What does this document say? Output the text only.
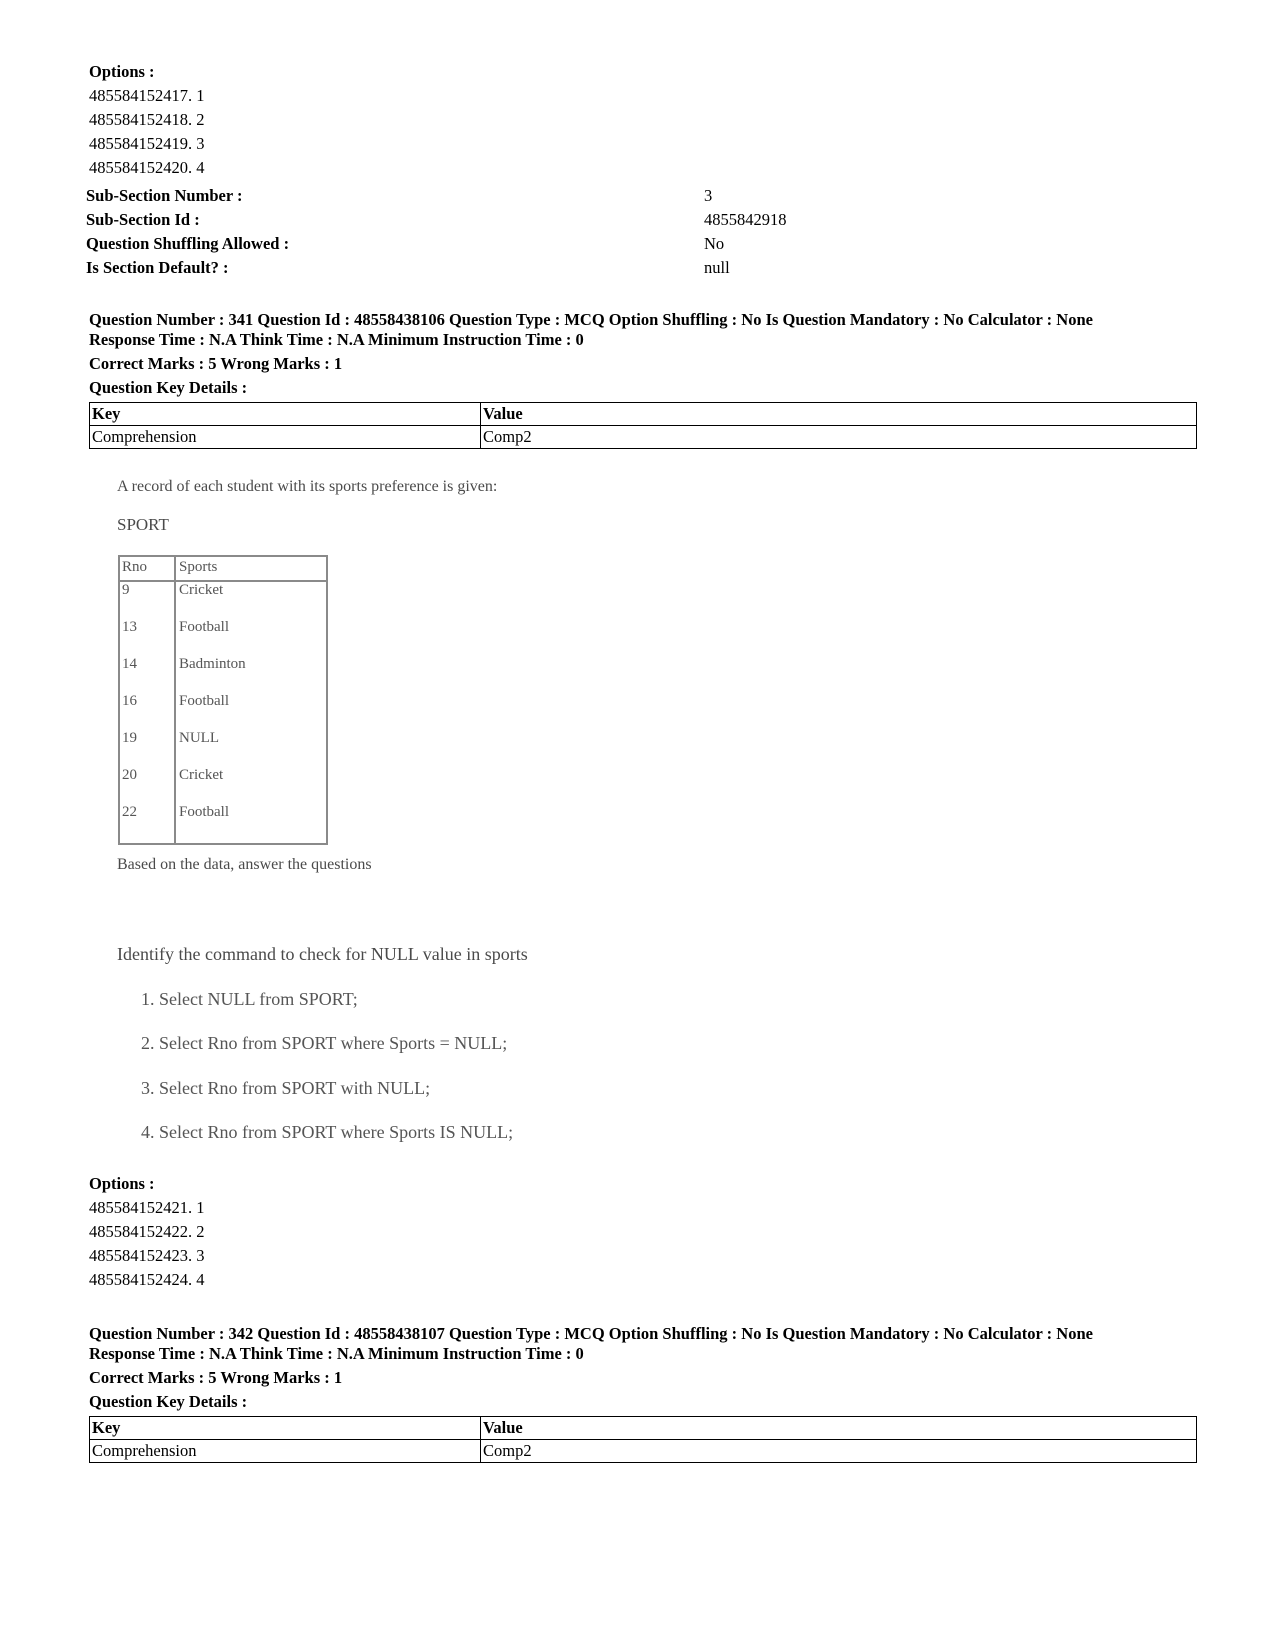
Options :
485584152417. 1
485584152418. 2
485584152419. 3
485584152420. 4
Sub-Section Number :	3
Sub-Section Id :	4855842918
Question Shuffling Allowed :	No
Is Section Default? :	null
Question Number : 341 Question Id : 48558438106 Question Type : MCQ Option Shuffling : No Is Question Mandatory : No Calculator : None
Response Time : N.A Think Time : N.A Minimum Instruction Time : 0
Correct Marks : 5 Wrong Marks : 1
Question Key Details :
Key	Value
Comprehension	Comp2
A record of each student with its sports preference is given:
SPORT
Rno Sports
9	Cricket
13	Football
14	Badminton
16	Football
19	NULL
20	Cricket
22	Football
Based on the data, answer the questions
Identify the command to check for NULL value in sports
1. Select NULL from SPORT;
2. Select Rno from SPORT where Sports = NULL;
3. Select Rno from SPORT with NULL;
4. Select Rno from SPORT where Sports IS NULL;
Options :
485584152421. 1
485584152422. 2
485584152423. 3
485584152424. 4
Question Number : 342 Question Id : 48558438107 Question Type : MCQ Option Shuffling : No Is Question Mandatory : No Calculator : None
Response Time : N.A Think Time : N.A Minimum Instruction Time : 0
Correct Marks : 5 Wrong Marks : 1
Question Key Details :
Key	Value
Comprehension	Comp2
